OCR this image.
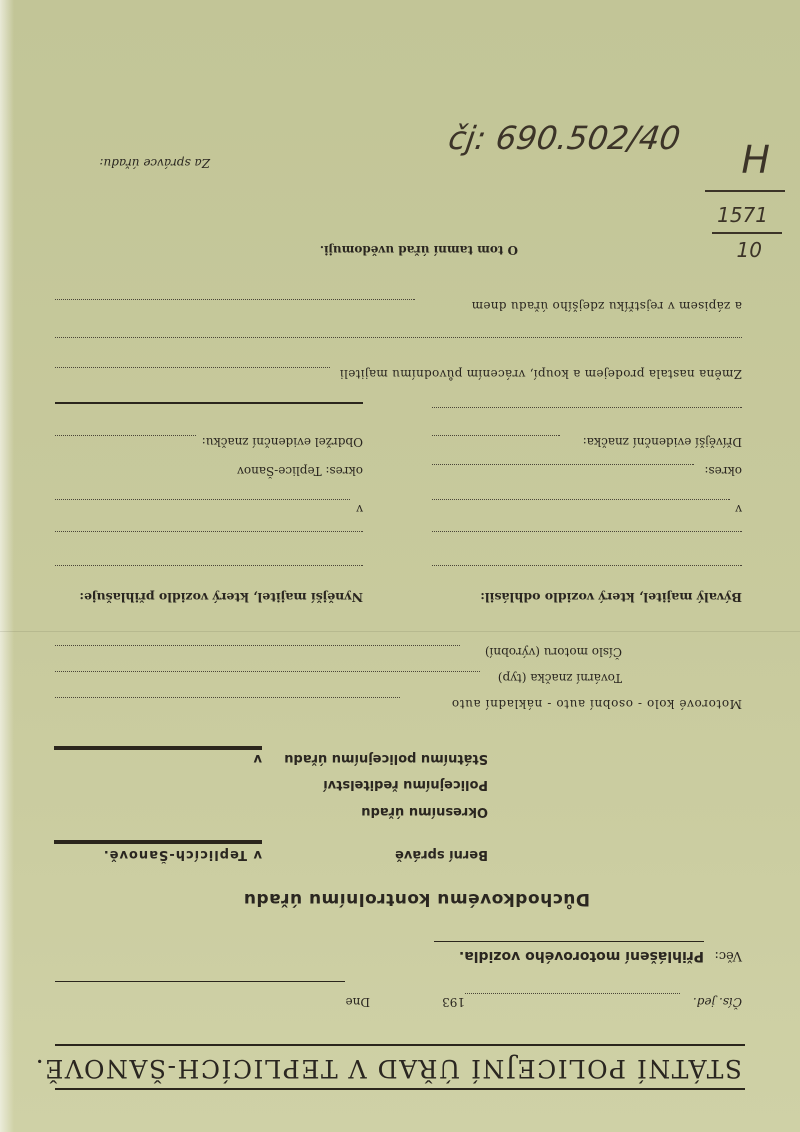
STÁTNÍ POLICEJNÍ ÚŘAD V TEPLICÍCH-ŠANOVĚ.
Čís. jed.
193
Dne
Věc:
Přihlášení motorového vozidla.
Důchodkovému kontrolnímu úřadu
Berní správě
v Teplicích-Šanově.
Okresnímu úřadu
Policejnímu ředitelství
Státnímu policejnímu úřadu
v
Motorové kolo - osobní auto - nákladní auto
Tovární značka (typ)
Číslo motoru (výrobní)
Bývalý majitel, který vozidlo odhlásil:
Nynější majitel, který vozidlo přihlašuje:
v
v
okres:
okres: Teplice-Šanov
Dřívější evidenční značka:
Obdržel evidenční značku:
Změna nastala prodejem a koupí, vrácením původnímu majiteli
a zápisem v rejstříku zdejšího úřadu dnem
O tom tamní úřad uvědomuji.
Za správce úřadu:
čj: 690.502/40 H
1571
10
